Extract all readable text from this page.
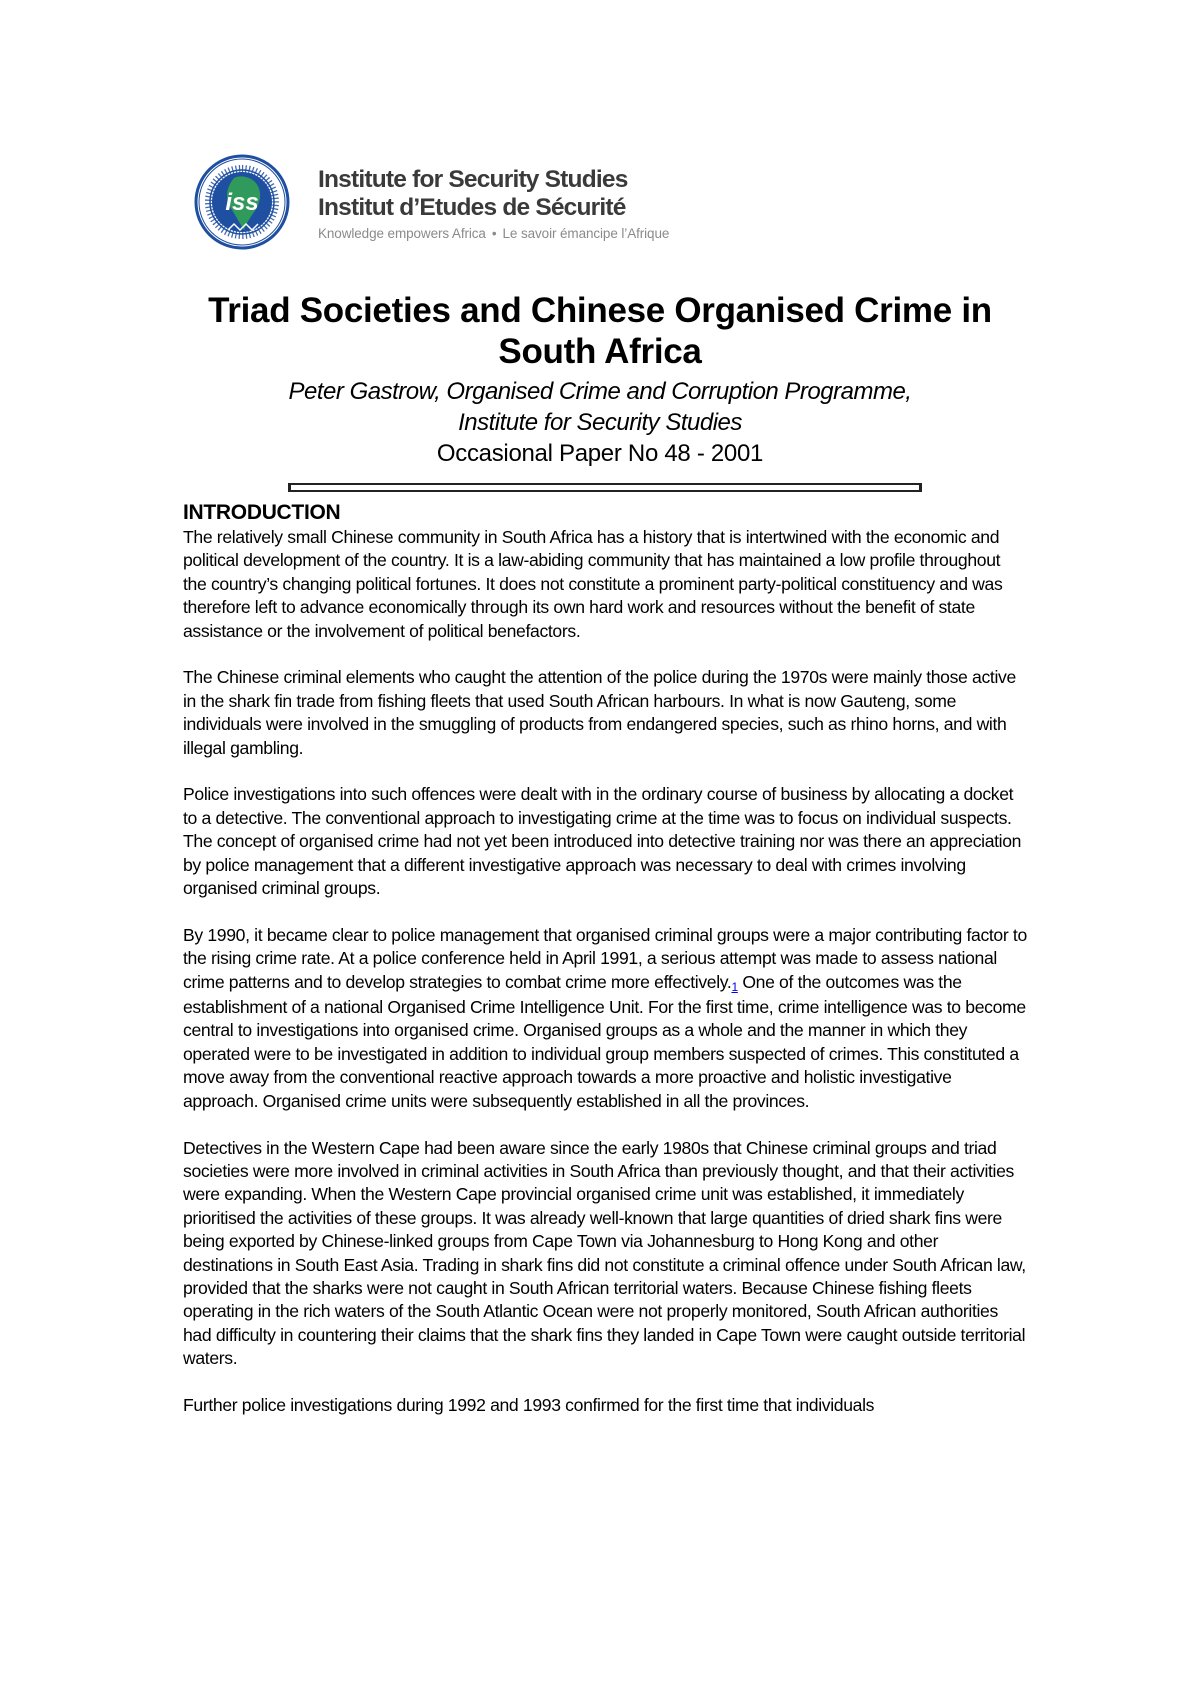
iss
Institute for Security Studies
Institut d’Etudes de Sécurité
Knowledge empowers Africa • Le savoir émancipe l’Afrique
Triad Societies and Chinese Organised Crime in South Africa

Peter Gastrow, Organised Crime and Corruption Programme,
Institute for Security Studies

Occasional Paper No 48 - 2001

INTRODUCTION

The relatively small Chinese community in South Africa has a history that is intertwined with the economic and political development of the country. It is a law-abiding community that has maintained a low profile throughout the country’s changing political fortunes. It does not constitute a prominent party-political constituency and was therefore left to advance economically through its own hard work and resources without the benefit of state assistance or the involvement of political benefactors.

The Chinese criminal elements who caught the attention of the police during the 1970s were mainly those active in the shark fin trade from fishing fleets that used South African harbours. In what is now Gauteng, some individuals were involved in the smuggling of products from endangered species, such as rhino horns, and with illegal gambling.

Police investigations into such offences were dealt with in the ordinary course of business by allocating a docket to a detective. The conventional approach to investigating crime at the time was to focus on individual suspects. The concept of organised crime had not yet been introduced into detective training nor was there an appreciation by police management that a different investigative approach was necessary to deal with crimes involving organised criminal groups.

By 1990, it became clear to police management that organised criminal groups were a major contributing factor to the rising crime rate. At a police conference held in April 1991, a serious attempt was made to assess national crime patterns and to develop strategies to combat crime more effectively.1 One of the outcomes was the establishment of a national Organised Crime Intelligence Unit. For the first time, crime intelligence was to become central to investigations into organised crime. Organised groups as a whole and the manner in which they operated were to be investigated in addition to individual group members suspected of crimes. This constituted a move away from the conventional reactive approach towards a more proactive and holistic investigative approach. Organised crime units were subsequently established in all the provinces.

Detectives in the Western Cape had been aware since the early 1980s that Chinese criminal groups and triad societies were more involved in criminal activities in South Africa than previously thought, and that their activities were expanding. When the Western Cape provincial organised crime unit was established, it immediately prioritised the activities of these groups. It was already well-known that large quantities of dried shark fins were being exported by Chinese-linked groups from Cape Town via Johannesburg to Hong Kong and other destinations in South East Asia. Trading in shark fins did not constitute a criminal offence under South African law, provided that the sharks were not caught in South African territorial waters. Because Chinese fishing fleets operating in the rich waters of the South Atlantic Ocean were not properly monitored, South African authorities had difficulty in countering their claims that the shark fins they landed in Cape Town were caught outside territorial waters.

Further police investigations during 1992 and 1993 confirmed for the first time that individuals
